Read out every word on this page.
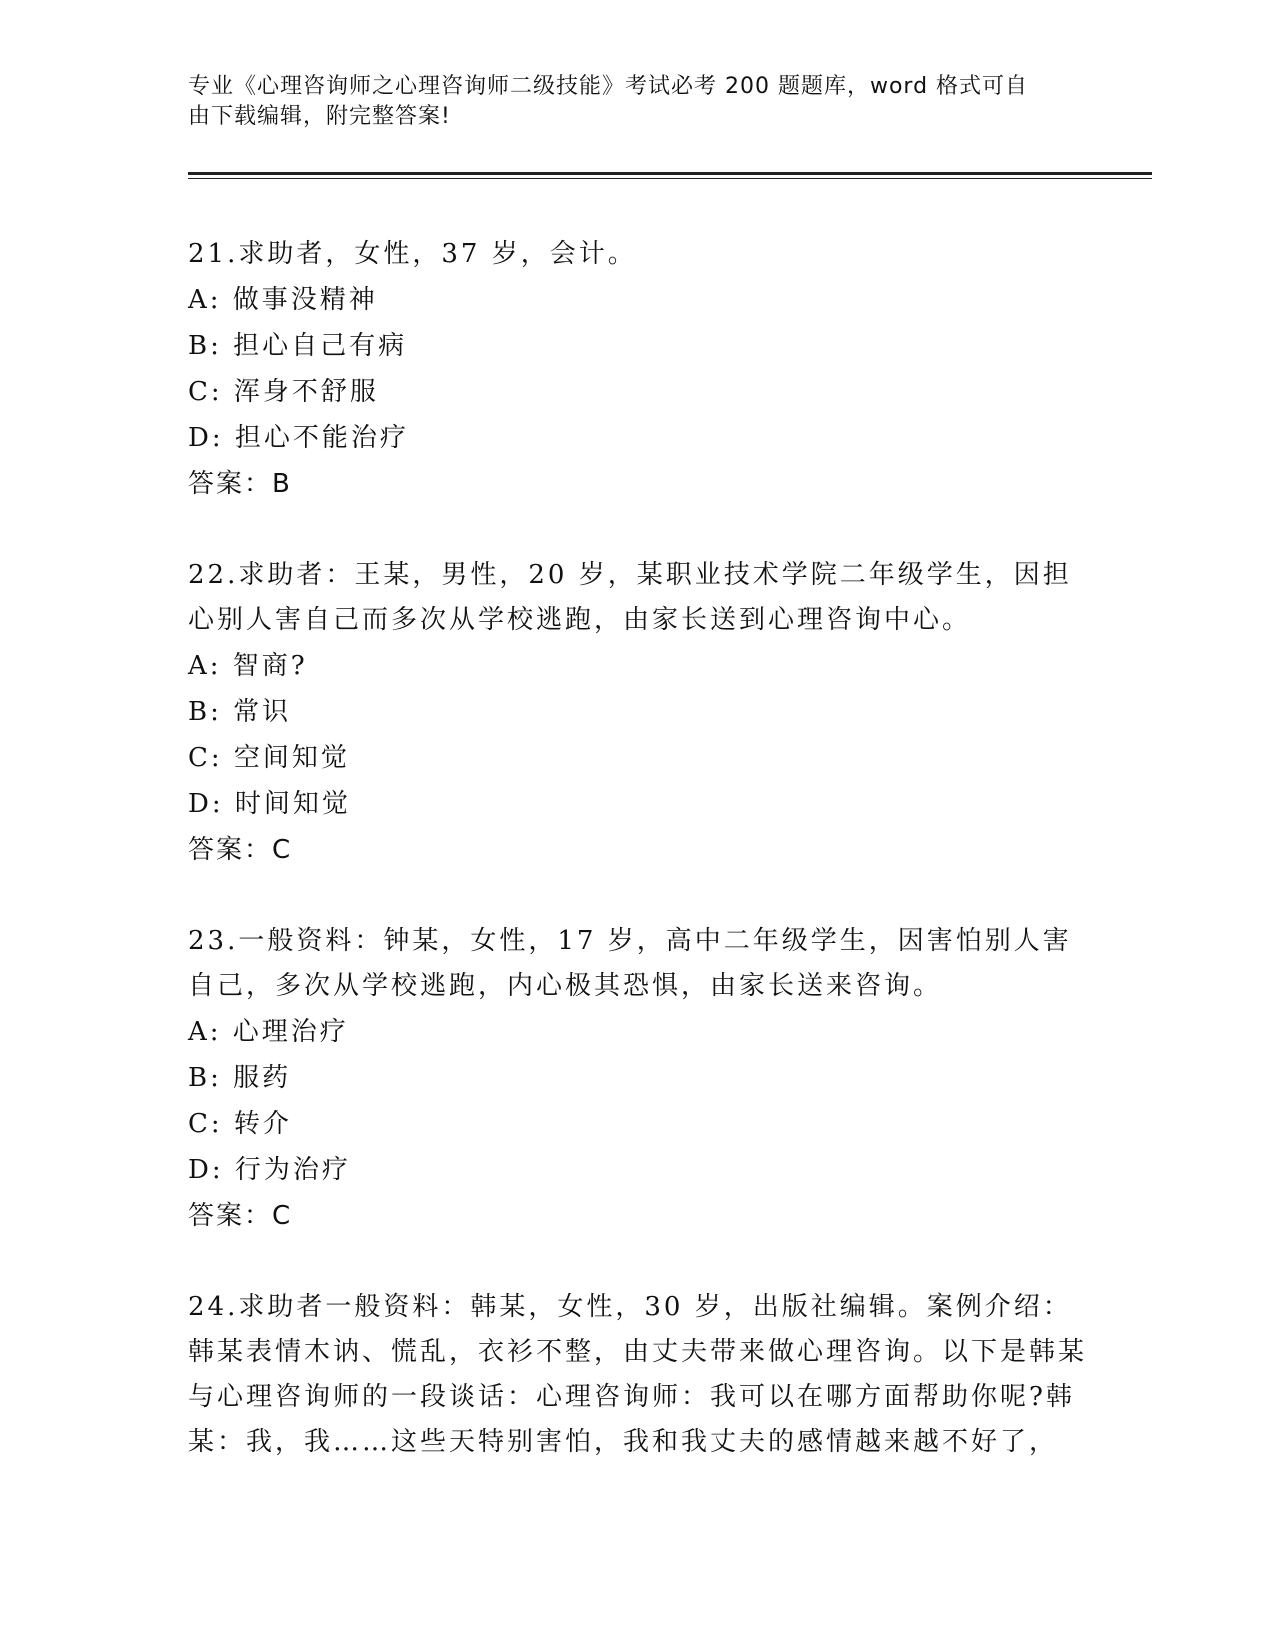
专业《心理咨询师之心理咨询师二级技能》考试必考 200 题题库，word 格式可自
由下载编辑，附完整答案!
21.求助者，女性，37 岁，会计。
A: 做事没精神
B: 担心自己有病
C: 浑身不舒服
D: 担心不能治疗
答案：B
22.求助者：王某，男性，20 岁，某职业技术学院二年级学生，因担心别人害自己而多次从学校逃跑，由家长送到心理咨询中心。
A: 智商?
B: 常识
C: 空间知觉
D: 时间知觉
答案：C
23.一般资料：钟某，女性，17 岁，高中二年级学生，因害怕别人害自己，多次从学校逃跑，内心极其恐惧，由家长送来咨询。
A: 心理治疗
B: 服药
C: 转介
D: 行为治疗
答案：C
24.求助者一般资料：韩某，女性，30 岁，出版社编辑。案例介绍：韩某表情木讷、慌乱，衣衫不整，由丈夫带来做心理咨询。以下是韩某与心理咨询师的一段谈话：心理咨询师：我可以在哪方面帮助你呢?韩某：我，我……这些天特别害怕，我和我丈夫的感情越来越不好了，
